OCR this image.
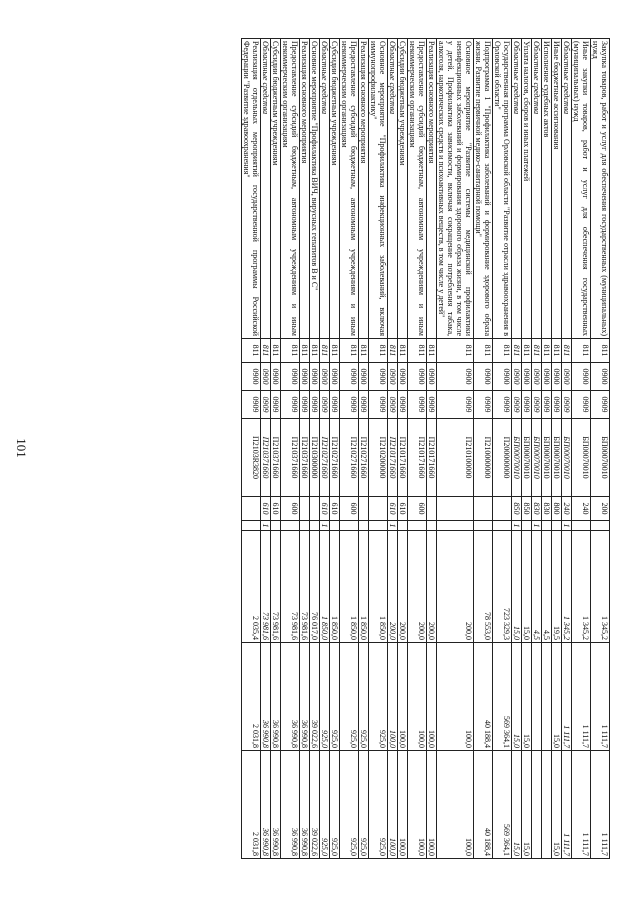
101
Закупка товаров, работ и услуг для обеспечения государственных (муниципальных) нужд	811	0900	0909	БП00070010	200		1 345,2	1 111,7	1 111,7
Иные закупки товаров, работ и услуг для обеспечения государственных (муниципальных) нужд	811	0900	0909	БП00070010	240		1 345,2	1 111,7	1 111,7
Областные средства	811	0900	0909	БП00070010	240	1	1 345,2	1 111,7	1 111,7
Иные бюджетные ассигнования	811	0900	0909	БП00070010	800		19,5	15,0	15,0
Исполнение судебных актов	811	0900	0909	БП00070010	830		4,5		
Областные средства	811	0900	0909	БП00070010	830	1	4,5		
Уплата налогов, сборов и иных платежей	811	0900	0909	БП00070010	850		15,0	15,0	15,0
Областные средства	811	0900	0909	БП00070010	850	1	15,0	15,0	15,0
Государственная программа Орловской области "Развитие отрасли здравоохранения в Орловской области"	811	0900	0909	П200000000			723 329,3	569 364,1	569 364,1
Подпрограмма 1 "Профилактика заболеваний и формирование здорового образа жизни. Развитие первичной медико-санитарной помощи"	811	0900	0909	П210000000			78 553,0	40 188,4	40 188,4
Основное мероприятие "Развитие системы медицинской профилактики неинфекционных заболеваний и формирования здорового образа жизни, в том числе у детей. Профилактика зависимости, включая сокращение потребления табака, алкоголя, наркотических средств и психоактивных веществ, в том числе у детей"	811	0900	0909	П210100000			200,0	100,0	100,0
Реализация основного мероприятия	811	0900	0909	П210171660			200,0	100,0	100,0
Предоставление субсидий бюджетным, автономным учреждениям и иным некоммерческим организациям	811	0900	0909	П210171660	600		200,0	100,0	100,0
Субсидии бюджетным учреждениям	811	0900	0909	П210171660	610		200,0	100,0	100,0
Областные средства	811	0900	0909	П210171660	610	1	200,0	100,0	100,0
Основное мероприятие "Профилактика инфекционных заболеваний, включая иммунопрофилактику"	811	0900	0909	П210200000			1 850,0	925,0	925,0
Реализация основного мероприятия	811	0900	0909	П210271660			1 850,0	925,0	925,0
Предоставление субсидий бюджетным, автономным учреждениям и иным некоммерческим организациям	811	0900	0909	П210271660	600		1 850,0	925,0	925,0
Субсидии бюджетным учреждениям	811	0900	0909	П210271660	610		1 850,0	925,0	925,0
Областные средства	811	0900	0909	П210271660	610	1	1 850,0	925,0	925,0
Основное мероприятие "Профилактика ВИЧ, вирусных гепатитов В и С"	811	0900	0909	П210300000			76 017,0	39 022,6	39 022,6
Реализация основного мероприятия	811	0900	0909	П210371660			73 981,6	36 990,8	36 990,8
Предоставление субсидий бюджетным, автономным учреждениям и иным некоммерческим организациям	811	0900	0909	П210371660	600		73 981,6	36 990,8	36 990,8
Субсидии бюджетным учреждениям	811	0900	0909	П210371660	610		73 981,6	36 990,8	36 990,8
Областные средства	811	0900	0909	П210371660	610	1	73 981,6	36 990,8	36 990,8
Реализация отдельных мероприятий государственной программы Российской Федерации "Развитие здравоохранения"	811	0900	0909	П2103R3820			2 035,4	2 031,8	2 031,8
